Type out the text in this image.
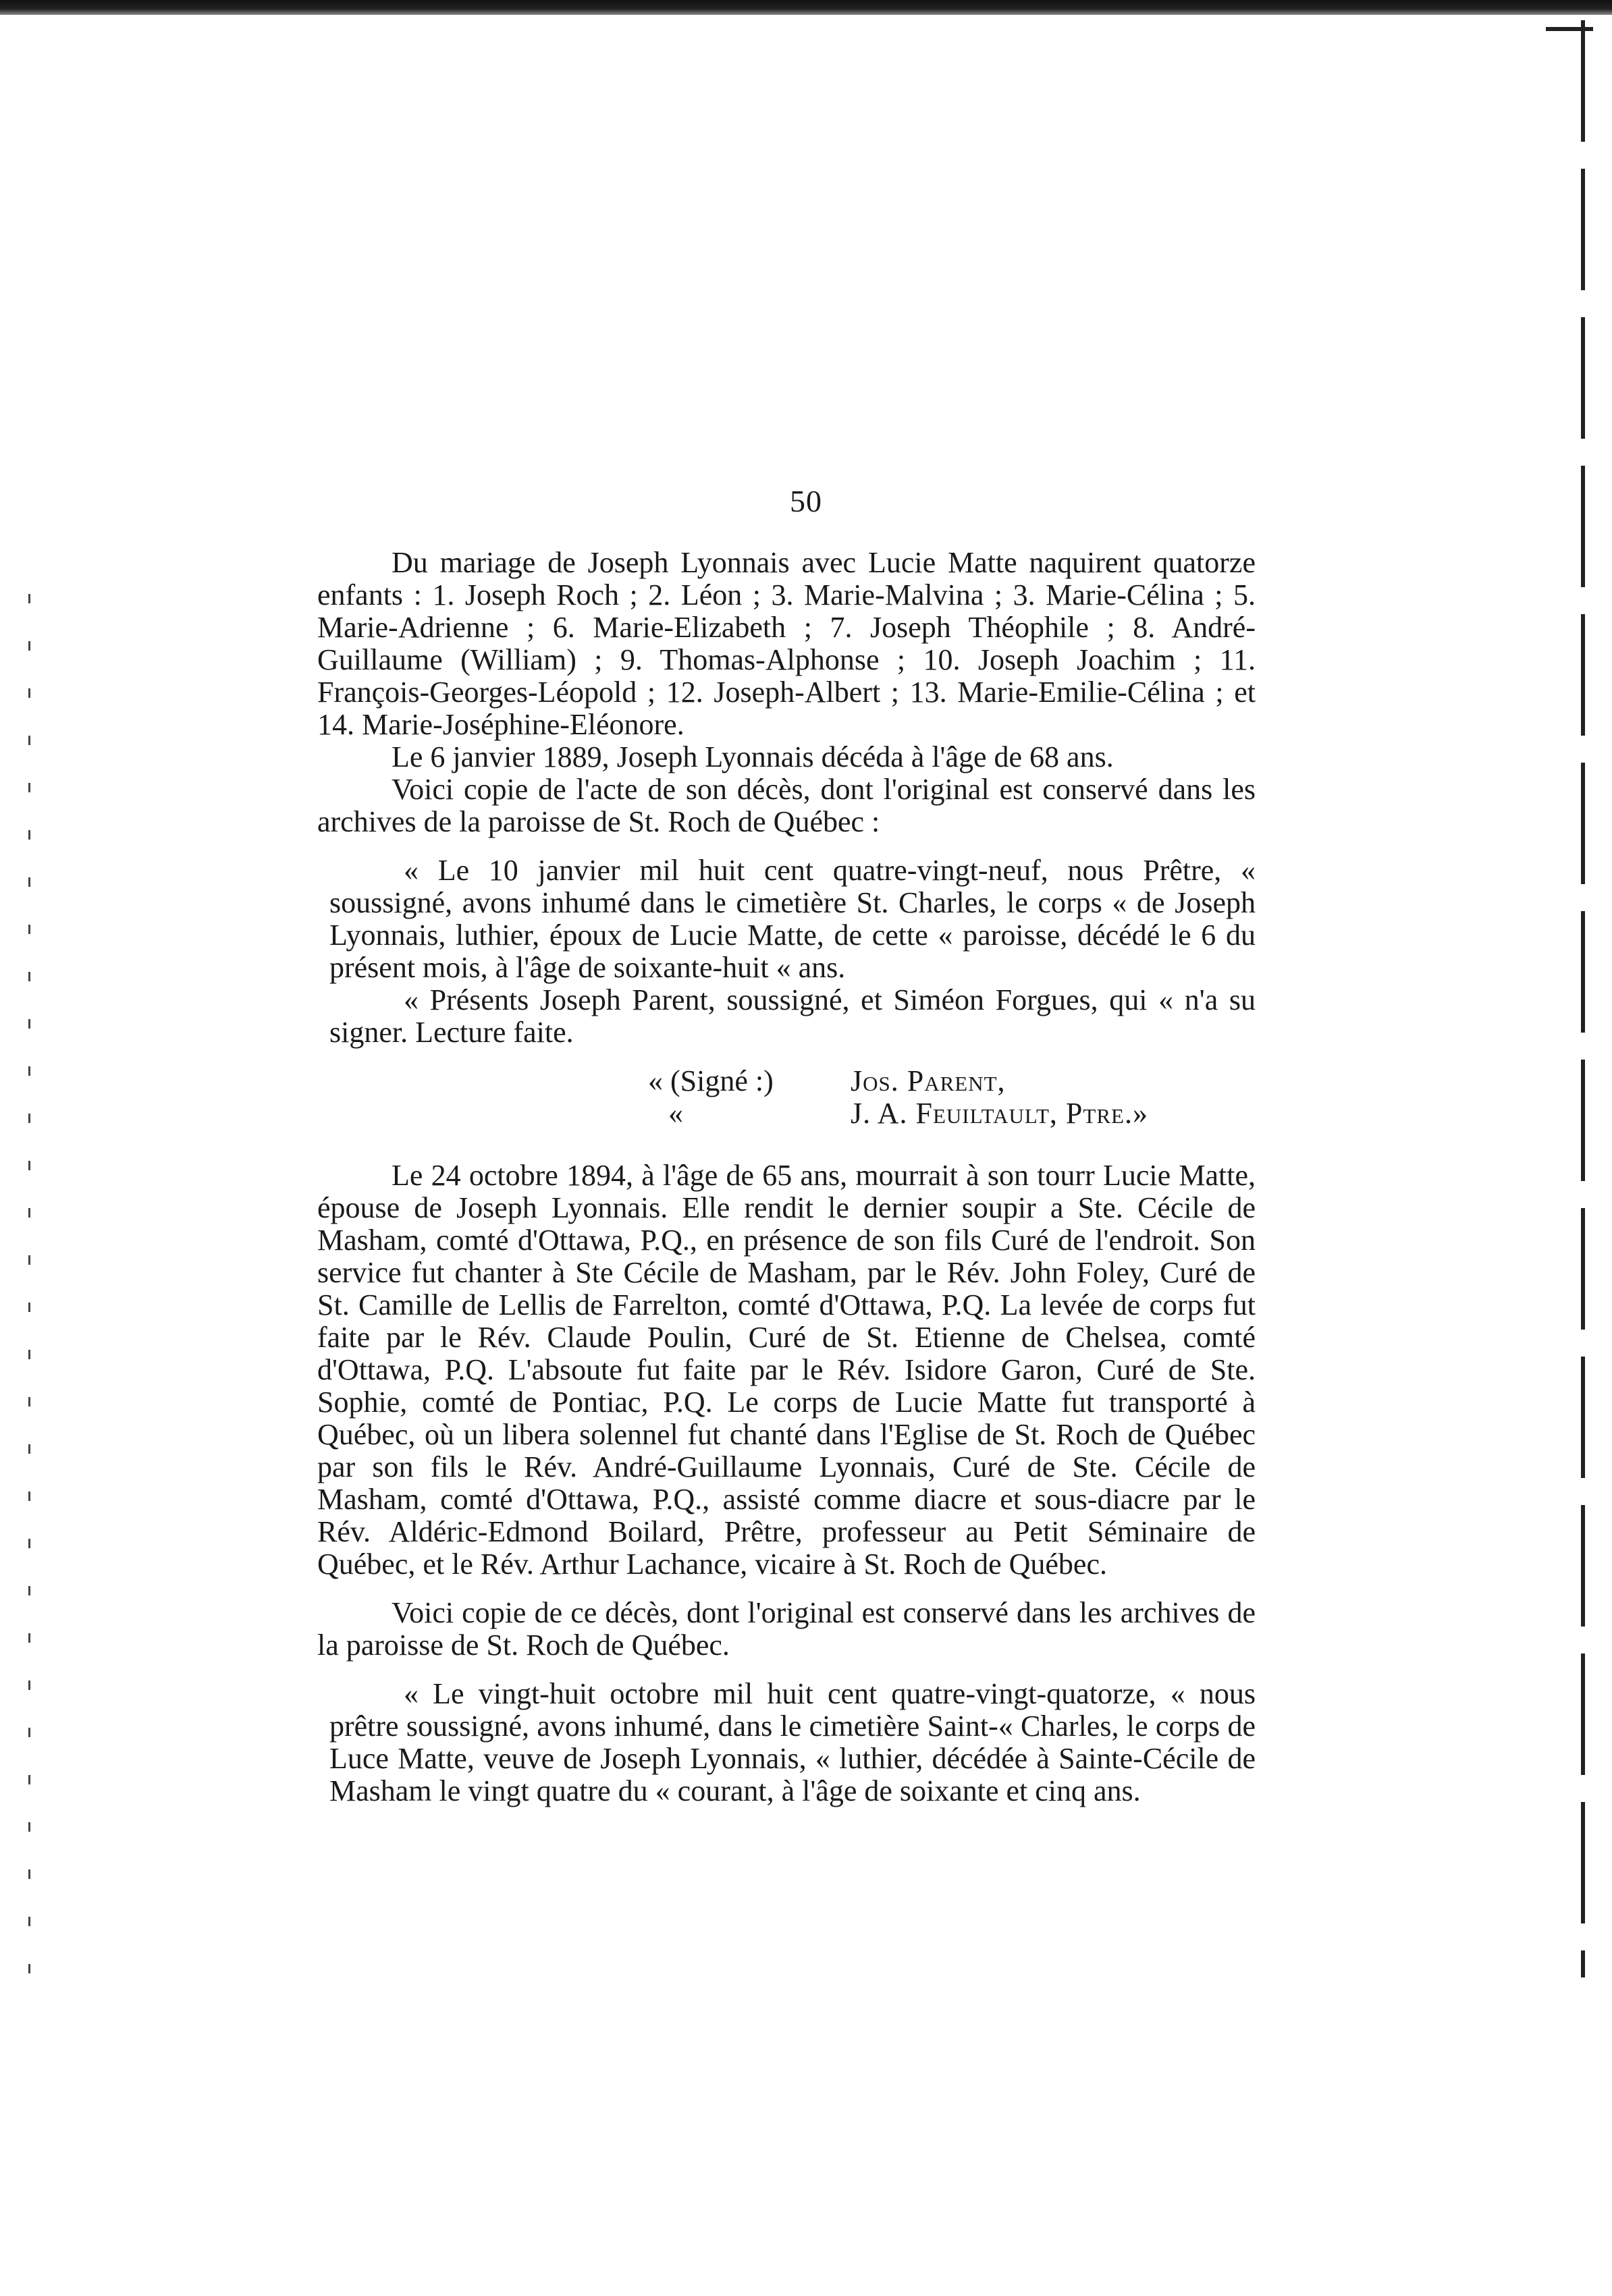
50

Du mariage de Joseph Lyonnais avec Lucie Matte naquirent quatorze enfants : 1. Joseph Roch ; 2. Léon ; 3. Marie-Malvina ; 3. Marie-Célina ; 5. Marie-Adrienne ; 6. Marie-Elizabeth ; 7. Joseph Théophile ; 8. André-Guillaume (William) ; 9. Thomas-Alphonse ; 10. Joseph Joachim ; 11. François-Georges-Léopold ; 12. Joseph-Albert ; 13. Marie-Emilie-Célina ; et 14. Marie-Joséphine-Eléonore.

Le 6 janvier 1889, Joseph Lyonnais décéda à l'âge de 68 ans.

Voici copie de l'acte de son décès, dont l'original est conservé dans les archives de la paroisse de St. Roch de Québec :

« Le 10 janvier mil huit cent quatre-vingt-neuf, nous Prêtre, « soussigné, avons inhumé dans le cimetière St. Charles, le corps « de Joseph Lyonnais, luthier, époux de Lucie Matte, de cette « paroisse, décédé le 6 du présent mois, à l'âge de soixante-huit « ans.

« Présents Joseph Parent, soussigné, et Siméon Forgues, qui « n'a su signer. Lecture faite.

« (Signé :)	Jos. Parent,
«	J. A. Feuiltault, Ptre.»

Le 24 octobre 1894, à l'âge de 65 ans, mourrait à son tourr Lucie Matte, épouse de Joseph Lyonnais. Elle rendit le dernier soupir a Ste. Cécile de Masham, comté d'Ottawa, P.Q., en présence de son fils Curé de l'endroit. Son service fut chanter à Ste Cécile de Masham, par le Rév. John Foley, Curé de St. Camille de Lellis de Farrelton, comté d'Ottawa, P.Q. La levée de corps fut faite par le Rév. Claude Poulin, Curé de St. Etienne de Chelsea, comté d'Ottawa, P.Q. L'absoute fut faite par le Rév. Isidore Garon, Curé de Ste. Sophie, comté de Pontiac, P.Q. Le corps de Lucie Matte fut transporté à Québec, où un libera solennel fut chanté dans l'Eglise de St. Roch de Québec par son fils le Rév. André-Guillaume Lyonnais, Curé de Ste. Cécile de Masham, comté d'Ottawa, P.Q., assisté comme diacre et sous-diacre par le Rév. Aldéric-Edmond Boilard, Prêtre, professeur au Petit Séminaire de Québec, et le Rév. Arthur Lachance, vicaire à St. Roch de Québec.

Voici copie de ce décès, dont l'original est conservé dans les archives de la paroisse de St. Roch de Québec.

« Le vingt-huit octobre mil huit cent quatre-vingt-quatorze, « nous prêtre soussigné, avons inhumé, dans le cimetière Saint-« Charles, le corps de Luce Matte, veuve de Joseph Lyonnais, « luthier, décédée à Sainte-Cécile de Masham le vingt quatre du « courant, à l'âge de soixante et cinq ans.
